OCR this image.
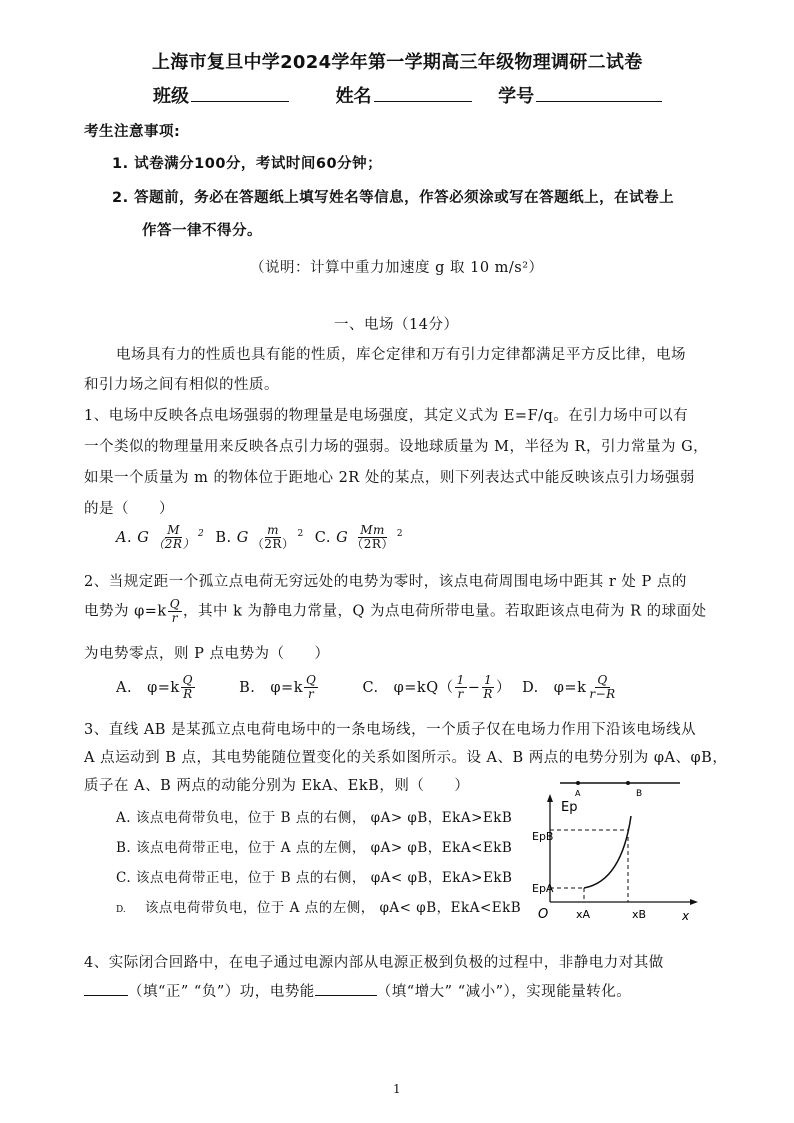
上海市复旦中学2024学年第一学期高三年级物理调研二试卷
班级	姓名	学号
考生注意事项:
1. 试卷满分100分，考试时间60分钟；
2. 答题前，务必在答题纸上填写姓名等信息，作答必须涂或写在答题纸上，在试卷上
作答一律不得分。
（说明：计算中重力加速度 g 取 10 m/s²）
一、电场（14分）
电场具有力的性质也具有能的性质，库仑定律和万有引力定律都满足平方反比律，电场
和引力场之间有相似的性质。
1、电场中反映各点电场强弱的物理量是电场强度，其定义式为 E=F/q。在引力场中可以有
一个类似的物理量用来反映各点引力场的强弱。设地球质量为 M，半径为 R，引力常量为 G，
如果一个质量为 m 的物体位于距地心 2R 处的某点，则下列表达式中能反映该点引力场强弱
的是（　　）
A. G $\frac{M}{(2R)} ^2$ B. G $\frac{m}{(2R)} ^2$ C. G $\frac{Mm}{(2R)} ^2$
2、当规定距一个孤立点电荷无穷远处的电势为零时，该点电荷周围电场中距其 r 处 P 点的
电势为 $\varphi=k \frac{Q}{r}$ ，其中 k 为静电力常量，Q 为点电荷所带电量。若取距该点电荷为 R 的球面处
为电势零点，则 P 点电势为（　　）
A.　$\varphi=k \frac{Q}{R}$	B.　$\varphi=k \frac{Q}{r}$	C.　$\varphi=kQ( \frac{1}{r} - \frac{1}{R}$ ） D.　$\varphi=k \frac{Q}{r-R}$
3、直线 AB 是某孤立点电荷电场中的一条电场线，一个质子仅在电场力作用下沿该电场线从
A 点运动到 B 点，其电势能随位置变化的关系如图所示。设 A、B 两点的电势分别为 φA、φB，
质子在 A、B 两点的动能分别为 EkA、EkB，则（　　）
A. 该点电荷带负电，位于 B 点的右侧， φA> φB，EkA>EkB
B. 该点电荷带正电，位于 A 点的左侧， φA> φB，EkA<EkB
C. 该点电荷带正电，位于 B 点的右侧， φA< φB，EkA>EkB
D. 该点电荷带负电，位于 A 点的左侧， φA< φB，EkA<EkB
A	B
Ep
EpB
EpA
O	xA	xB	x
4、实际闭合回路中，在电子通过电源内部从电源正极到负极的过程中，非静电力对其做
（填“正” “负”）功，电势能	（填“增大” “减小”），实现能量转化。
1
